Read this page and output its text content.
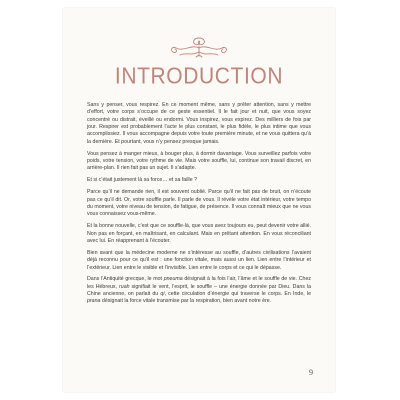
INTRODUCTION

Sans y penser, vous respirez. En ce moment même, sans y prêter attention, sans y mettre d’effort, votre corps s’occupe de ce geste essentiel. Il le fait jour et nuit, que vous soyez concentré ou distrait, éveillé ou endormi. Vous inspirez, vous expirez. Des milliers de fois par jour. Respirer est probablement l’acte le plus constant, le plus fidèle, le plus intime que vous accomplissiez. Il vous accompagne depuis votre toute première minute, et ne vous quittera qu’à la dernière. Et pourtant, vous n’y pensez presque jamais.

Vous pensez à manger mieux, à bouger plus, à dormir davantage. Vous surveillez parfois votre poids, votre tension, votre rythme de vie. Mais votre souffle, lui, continue son travail discret, en arrière-plan. Il rien fait pas un sujet. Il s’adapte.

Et si c’était justement là sa force… et sa faille ?

Parce qu’il ne demande rien, il est souvent oublié. Parce qu’il ne fait pas de bruit, on n’écoute pas ce qu’il dit. Or, votre souffle parle. Il parle de vous. Il révèle votre état intérieur, votre tempo du moment, votre niveau de tension, de fatigue, de présence. Il vous connaît mieux que ne vous vous connaissez vous-même.

Et la bonne nouvelle, c’est que ce souffle-là, que vous avez toujours eu, peut devenir votre allié. Non pas en forçant, en maîtrisant, en calculant. Mais en prêtant attention. En vous réconciliant avec lui. En réapprenant à l’écouter.

Bien avant que la médecine moderne ne s’intéresse au souffle, d’autres civilisations l’avaient déjà reconnu pour ce qu’il est : une fonction vitale, mais aussi un lien. Lien entre l’intérieur et l’extérieur. Lien entre le visible et l’invisible. Lien entre le corps et ce qui le dépasse.

Dans l’Antiquité grecque, le mot pneuma désignait à la fois l’air, l’âme et le souffle de vie. Chez les Hébreux, ruah signifiait le vent, l’esprit, le souffle – une énergie donnée par Dieu. Dans la Chine ancienne, on parlait du qi, cette circulation d’énergie qui traverse le corps. En Inde, le prana désignait la force vitale transmise par la respiration, bien avant notre ère.

9
